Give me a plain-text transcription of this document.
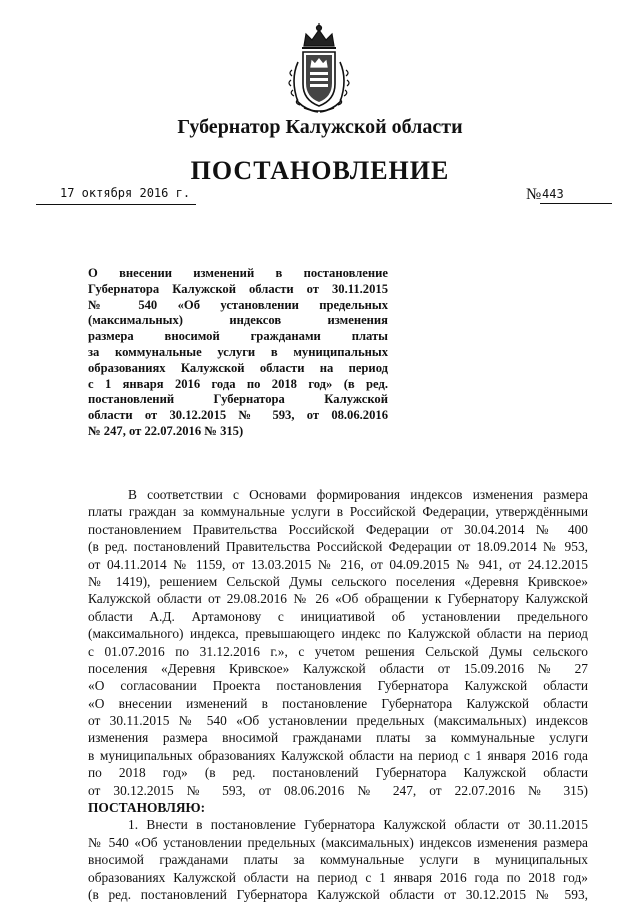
Губернатор Калужской области
ПОСТАНОВЛЕНИЕ
17 октября 2016 г.	№ 443
О внесении изменений в постановление
Губернатора Калужской области от 30.11.2015
№ 540 «Об установлении предельных
(максимальных) индексов изменения
размера вносимой гражданами платы
за коммунальные услуги в муниципальных
образованиях Калужской области на период
с 1 января 2016 года по 2018 год» (в ред.
постановлений Губернатора Калужской
области от 30.12.2015 № 593, от 08.06.2016
№ 247, от 22.07.2016 № 315)
В соответствии с Основами формирования индексов изменения размера
платы граждан за коммунальные услуги в Российской Федерации, утверждёнными
постановлением Правительства Российской Федерации от 30.04.2014 № 400
(в ред. постановлений Правительства Российской Федерации от 18.09.2014 № 953,
от 04.11.2014 № 1159, от 13.03.2015 № 216, от 04.09.2015 № 941, от 24.12.2015
№ 1419), решением Сельской Думы сельского поселения «Деревня Кривское»
Калужской области от 29.08.2016 № 26 «Об обращении к Губернатору Калужской
области А.Д. Артамонову с инициативой об установлении предельного
(максимального) индекса, превышающего индекс по Калужской области на период
с 01.07.2016 по 31.12.2016 г.», с учетом решения Сельской Думы сельского
поселения «Деревня Кривское» Калужской области от 15.09.2016 № 27
«О согласовании Проекта постановления Губернатора Калужской области
«О внесении изменений в постановление Губернатора Калужской области
от 30.11.2015 № 540 «Об установлении предельных (максимальных) индексов
изменения размера вносимой гражданами платы за коммунальные услуги
в муниципальных образованиях Калужской области на период с 1 января 2016 года
по 2018 год» (в ред. постановлений Губернатора Калужской области
от 30.12.2015 № 593, от 08.06.2016 № 247, от 22.07.2016 № 315)
ПОСТАНОВЛЯЮ:
1. Внести в постановление Губернатора Калужской области от 30.11.2015
№ 540 «Об установлении предельных (максимальных) индексов изменения размера
вносимой гражданами платы за коммунальные услуги в муниципальных
образованиях Калужской области на период с 1 января 2016 года по 2018 год»
(в ред. постановлений Губернатора Калужской области от 30.12.2015 № 593,
